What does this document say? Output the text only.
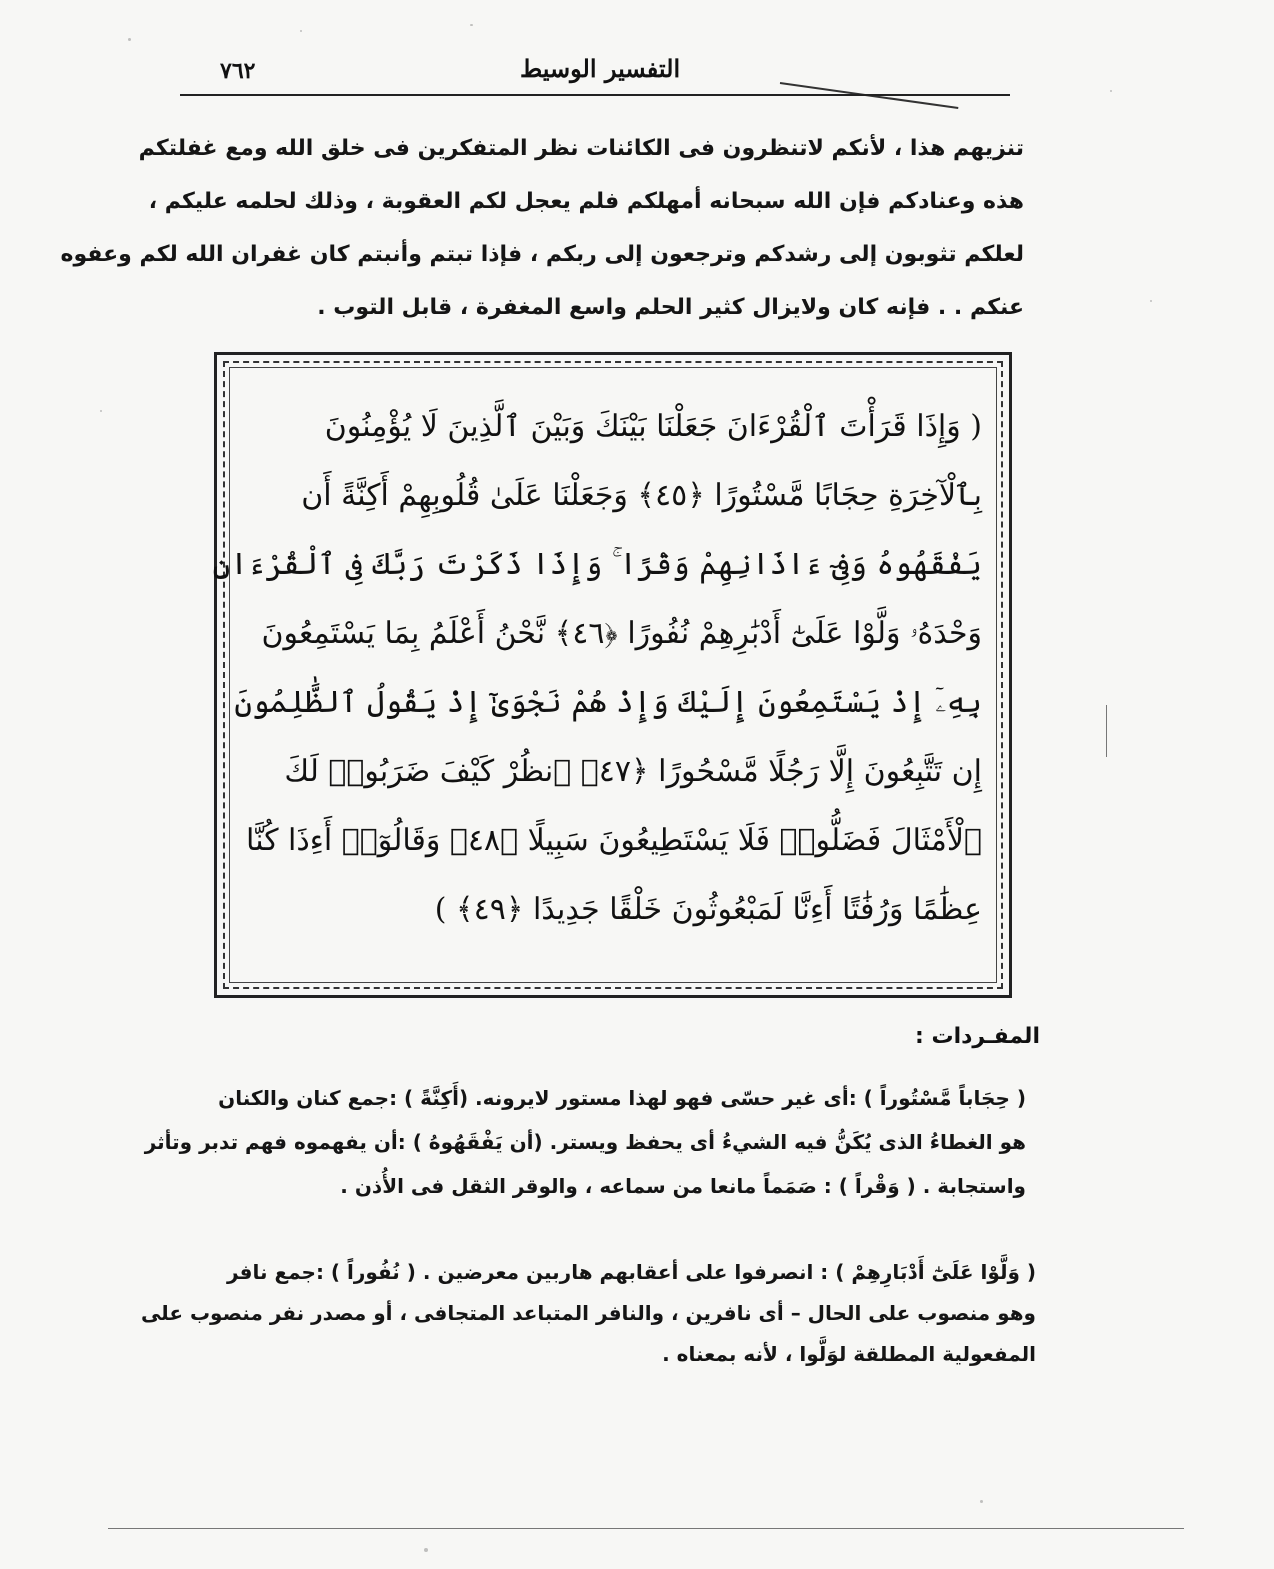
٧٦٢	التفسير الوسيط
تنزيهم هذا ، لأنكم لاتنظرون فى الكائنات نظر المتفكرين فى خلق الله ومع غفلتكم
هذه وعنادكم فإن الله سبحانه أمهلكم فلم يعجل لكم العقوبة ، وذلك لحلمه عليكم ،
لعلكم تثوبون إلى رشدكم وترجعون إلى ربكم ، فإذا تبتم وأنبتم كان غفران الله لكم وعفوه
عنكم . . فإنه كان ولايزال كثير الحلم واسع المغفرة ، قابل التوب .
( وَإِذَا قَرَأْتَ ٱلْقُرْءَانَ جَعَلْنَا بَيْنَكَ وَبَيْنَ ٱلَّذِينَ لَا يُؤْمِنُونَ
بِٱلْآخِرَةِ حِجَابًا مَّسْتُورًا ﴿٤٥﴾ وَجَعَلْنَا عَلَىٰ قُلُوبِهِمْ أَكِنَّةً أَن
يَفْقَهُوهُ وَفِىٓ ءَاذَانِهِمْ وَقْرًا ۚ وَإِذَا ذَكَرْتَ رَبَّكَ فِى ٱلْقُرْءَانِ
وَحْدَهُۥ وَلَّوْا عَلَىٰٓ أَدْبَٰرِهِمْ نُفُورًا ﴿٤٦﴾ نَّحْنُ أَعْلَمُ بِمَا يَسْتَمِعُونَ
بِهِۦٓ إِذْ يَسْتَمِعُونَ إِلَيْكَ وَإِذْ هُمْ نَجْوَىٰٓ إِذْ يَقُولُ ٱلظَّٰلِمُونَ
إِن تَتَّبِعُونَ إِلَّا رَجُلًا مَّسْحُورًا ﴿٤٧﴾ ٱنظُرْ كَيْفَ ضَرَبُوا۟ لَكَ
ٱلْأَمْثَالَ فَضَلُّوا۟ فَلَا يَسْتَطِيعُونَ سَبِيلًا ﴿٤٨﴾ وَقَالُوٓا۟ أَءِذَا كُنَّا
عِظَٰمًا وَرُفَٰتًا أَءِنَّا لَمَبْعُوثُونَ خَلْقًا جَدِيدًا ﴿٤٩﴾ )
المفـردات :
( حِجَاباً مَّسْتُوراً ) :أى غير حسّى فهو لهذا مستور لايرونه. (أَكِنَّةً ) :جمع كنان والكنان
هو الغطاءُ الذى يُكَنُّ فيه الشيءُ أى يحفظ ويستر. (أن يَفْقَهُوهُ ) :أن يفهموه فهم تدبر وتأثر
واستجابة . ( وَقْراً ) : صَمَماً مانعا من سماعه ، والوقر الثقل فى الأُذن .
( وَلَّوْا عَلَىٰٓ أَدْبَارِهِمْ ) : انصرفوا على أعقابهم هاربين معرضين . ( نُفُوراً ) :جمع نافر
وهو منصوب على الحال – أى نافرين ، والنافر المتباعد المتجافى ، أو مصدر نفر منصوب على
المفعولية المطلقة لوَلَّوا ، لأنه بمعناه .
